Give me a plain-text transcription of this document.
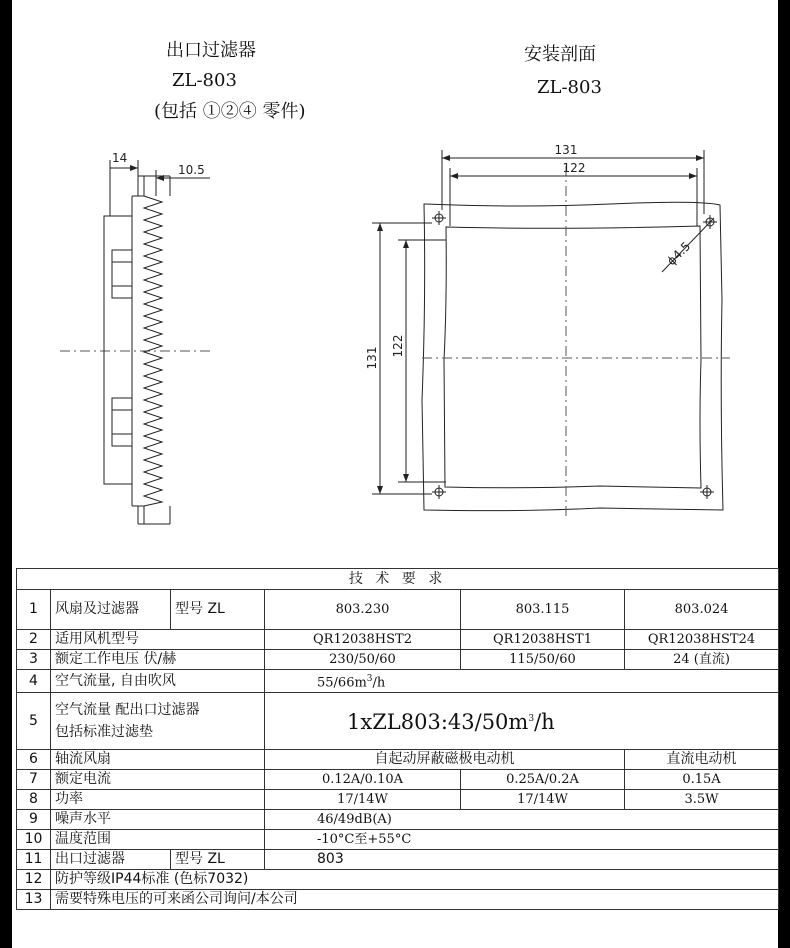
出口过滤器
ZL-803
(包括 ①②④ 零件)
安装剖面
ZL-803
14
10.5
131
122
131
122
ϕ4.5
技 术 要 求					
1	风扇及过滤器	型号 ZL	803.230	803.115	803.024
2	适用风机型号		QR12038HST2	QR12038HST1	QR12038HST24
3	额定工作电压 伏/赫		230/50/60	115/50/60	24 (直流)
4	空气流量, 自由吹风		$55/66m^3/h$		
5	空气流量 配出口过滤器
包括标准过滤垫		$1xZL803:43/50m^3/h$		
6	轴流风扇		自起动屏蔽磁极电动机		直流电动机
7	额定电流		0.12A/0.10A	0.25A/0.2A	0.15A
8	功率		17/14W	17/14W	3.5W
9	噪声水平		46/49dB(A)		
10	温度范围		-10°C至+55°C		
11	出口过滤器	型号 ZL	803		
12	防护等级IP44标准 (色标7032)				
13	需要特殊电压的可来函公司询问/本公司				
